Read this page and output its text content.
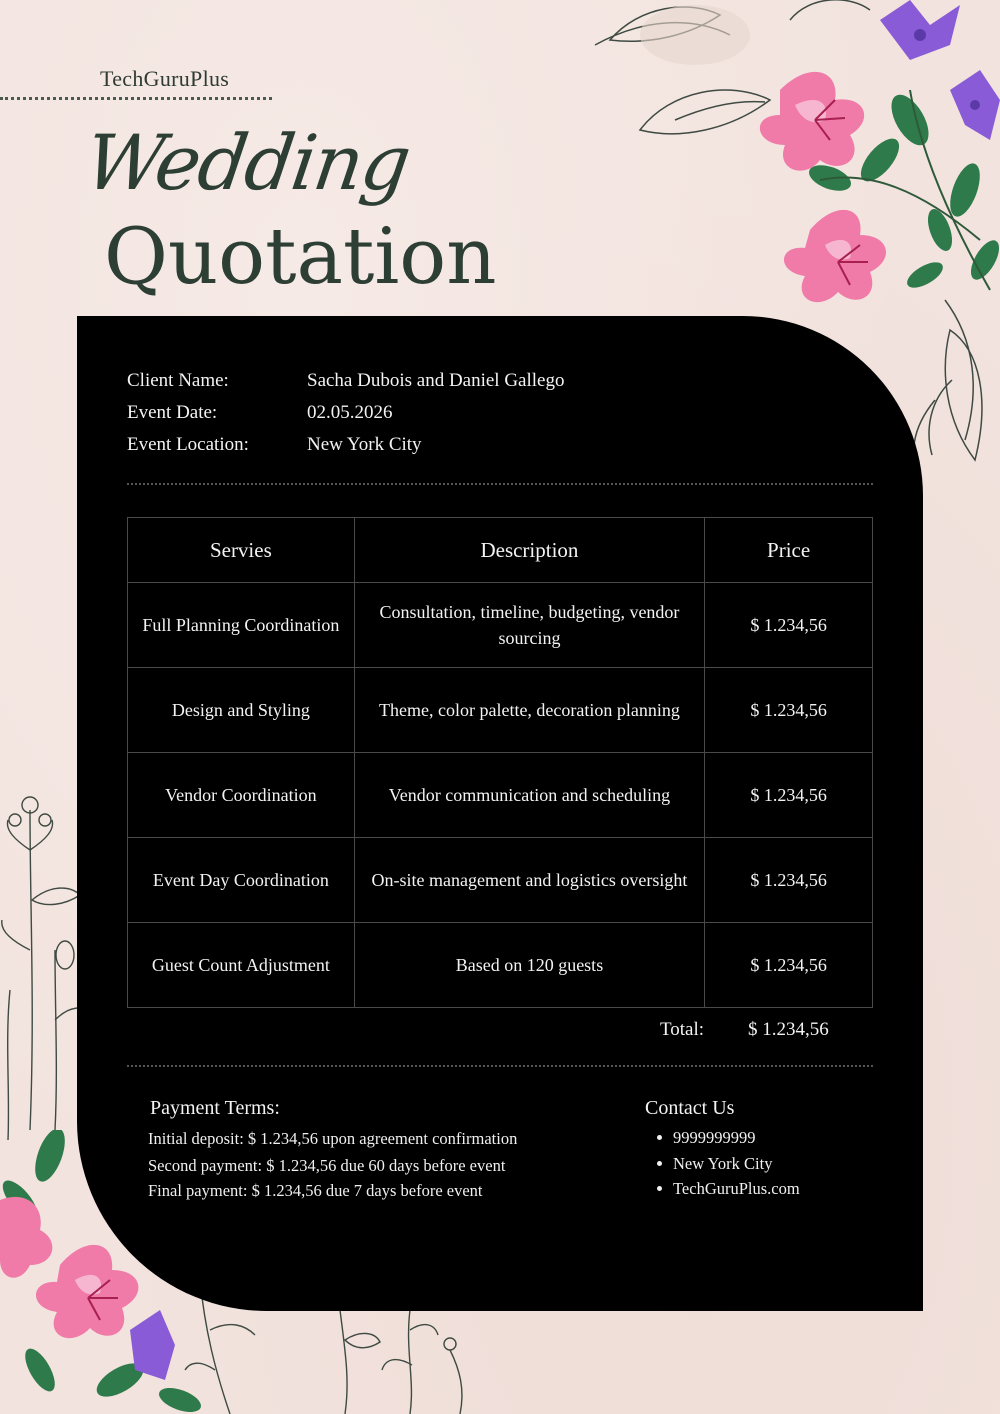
TechGuruPlus
Wedding
Quotation
Client Name:	Sacha Dubois and Daniel Gallego
Event Date:	02.05.2026
Event Location:	New York City
Servies	Description	Price
Full Planning Coordination	Consultation, timeline, budgeting, vendor sourcing	$ 1.234,56
Design and Styling	Theme, color palette, decoration planning	$ 1.234,56
Vendor Coordination	Vendor communication and scheduling	$ 1.234,56
Event Day Coordination	On-site management and logistics oversight	$ 1.234,56
Guest Count Adjustment	Based on 120 guests	$ 1.234,56
Total: $ 1.234,56
Payment Terms:
Initial deposit: $ 1.234,56 upon agreement confirmation
Second payment: $ 1.234,56 due 60 days before event
Final payment: $ 1.234,56 due 7 days before event
Contact Us
9999999999
New York City
TechGuruPlus.com
